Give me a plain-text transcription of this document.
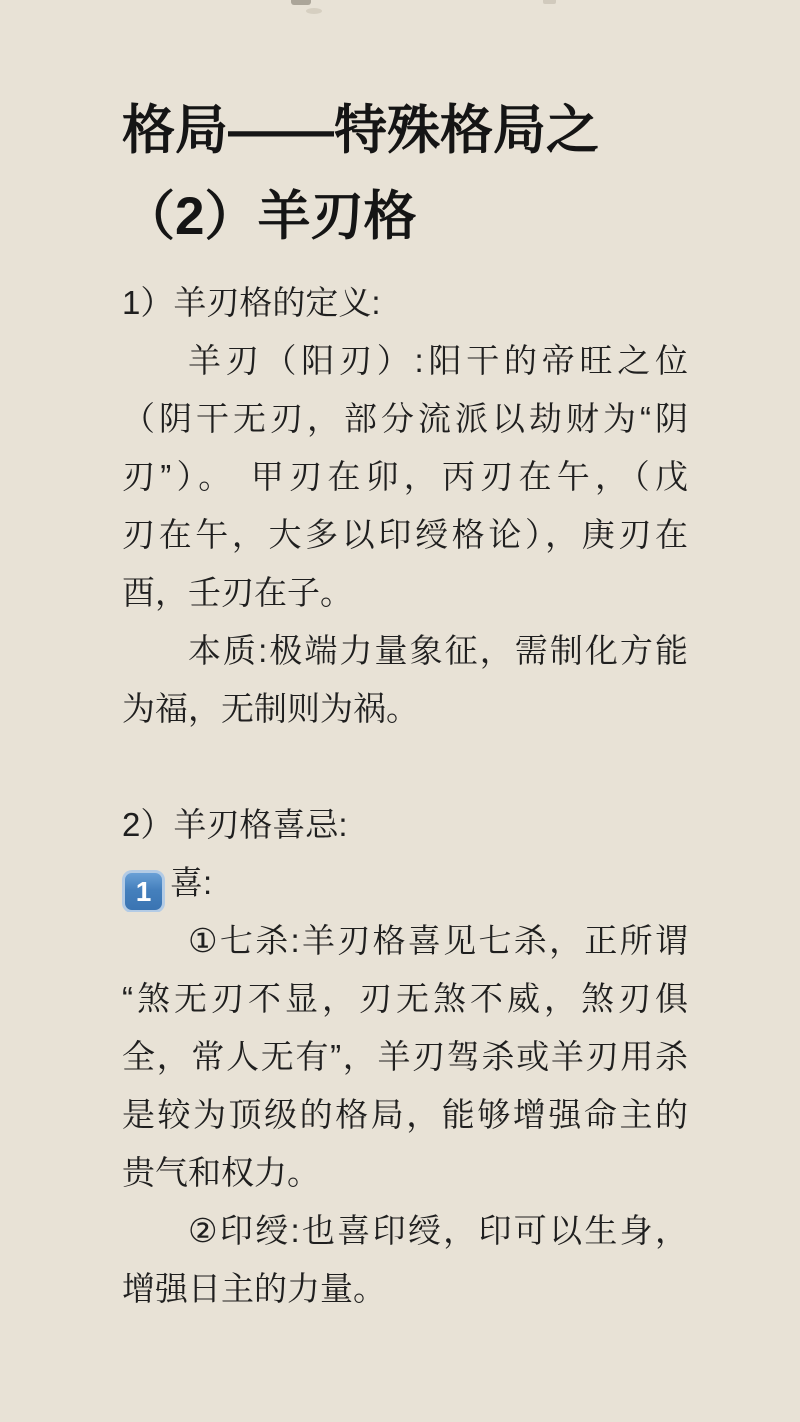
格局——特殊格局之
（2）羊刃格
1）羊刃格的定义:
羊刃（阳刃）:阳干的帝旺之位
（阴干无刃，部分流派以劫财为“阴
刃”）。 甲刃在卯，丙刃在午，（戊
刃在午，大多以印绶格论），庚刃在
酉，壬刃在子。
本质:极端力量象征，需制化方能
为福，无制则为祸。
2）羊刃格喜忌:
1 喜:
①七杀:羊刃格喜见七杀，正所谓
“煞无刃不显，刃无煞不威，煞刃俱
全，常人无有”，羊刃驾杀或羊刃用杀
是较为顶级的格局，能够增强命主的
贵气和权力。
②印绶:也喜印绶，印可以生身，
增强日主的力量。
